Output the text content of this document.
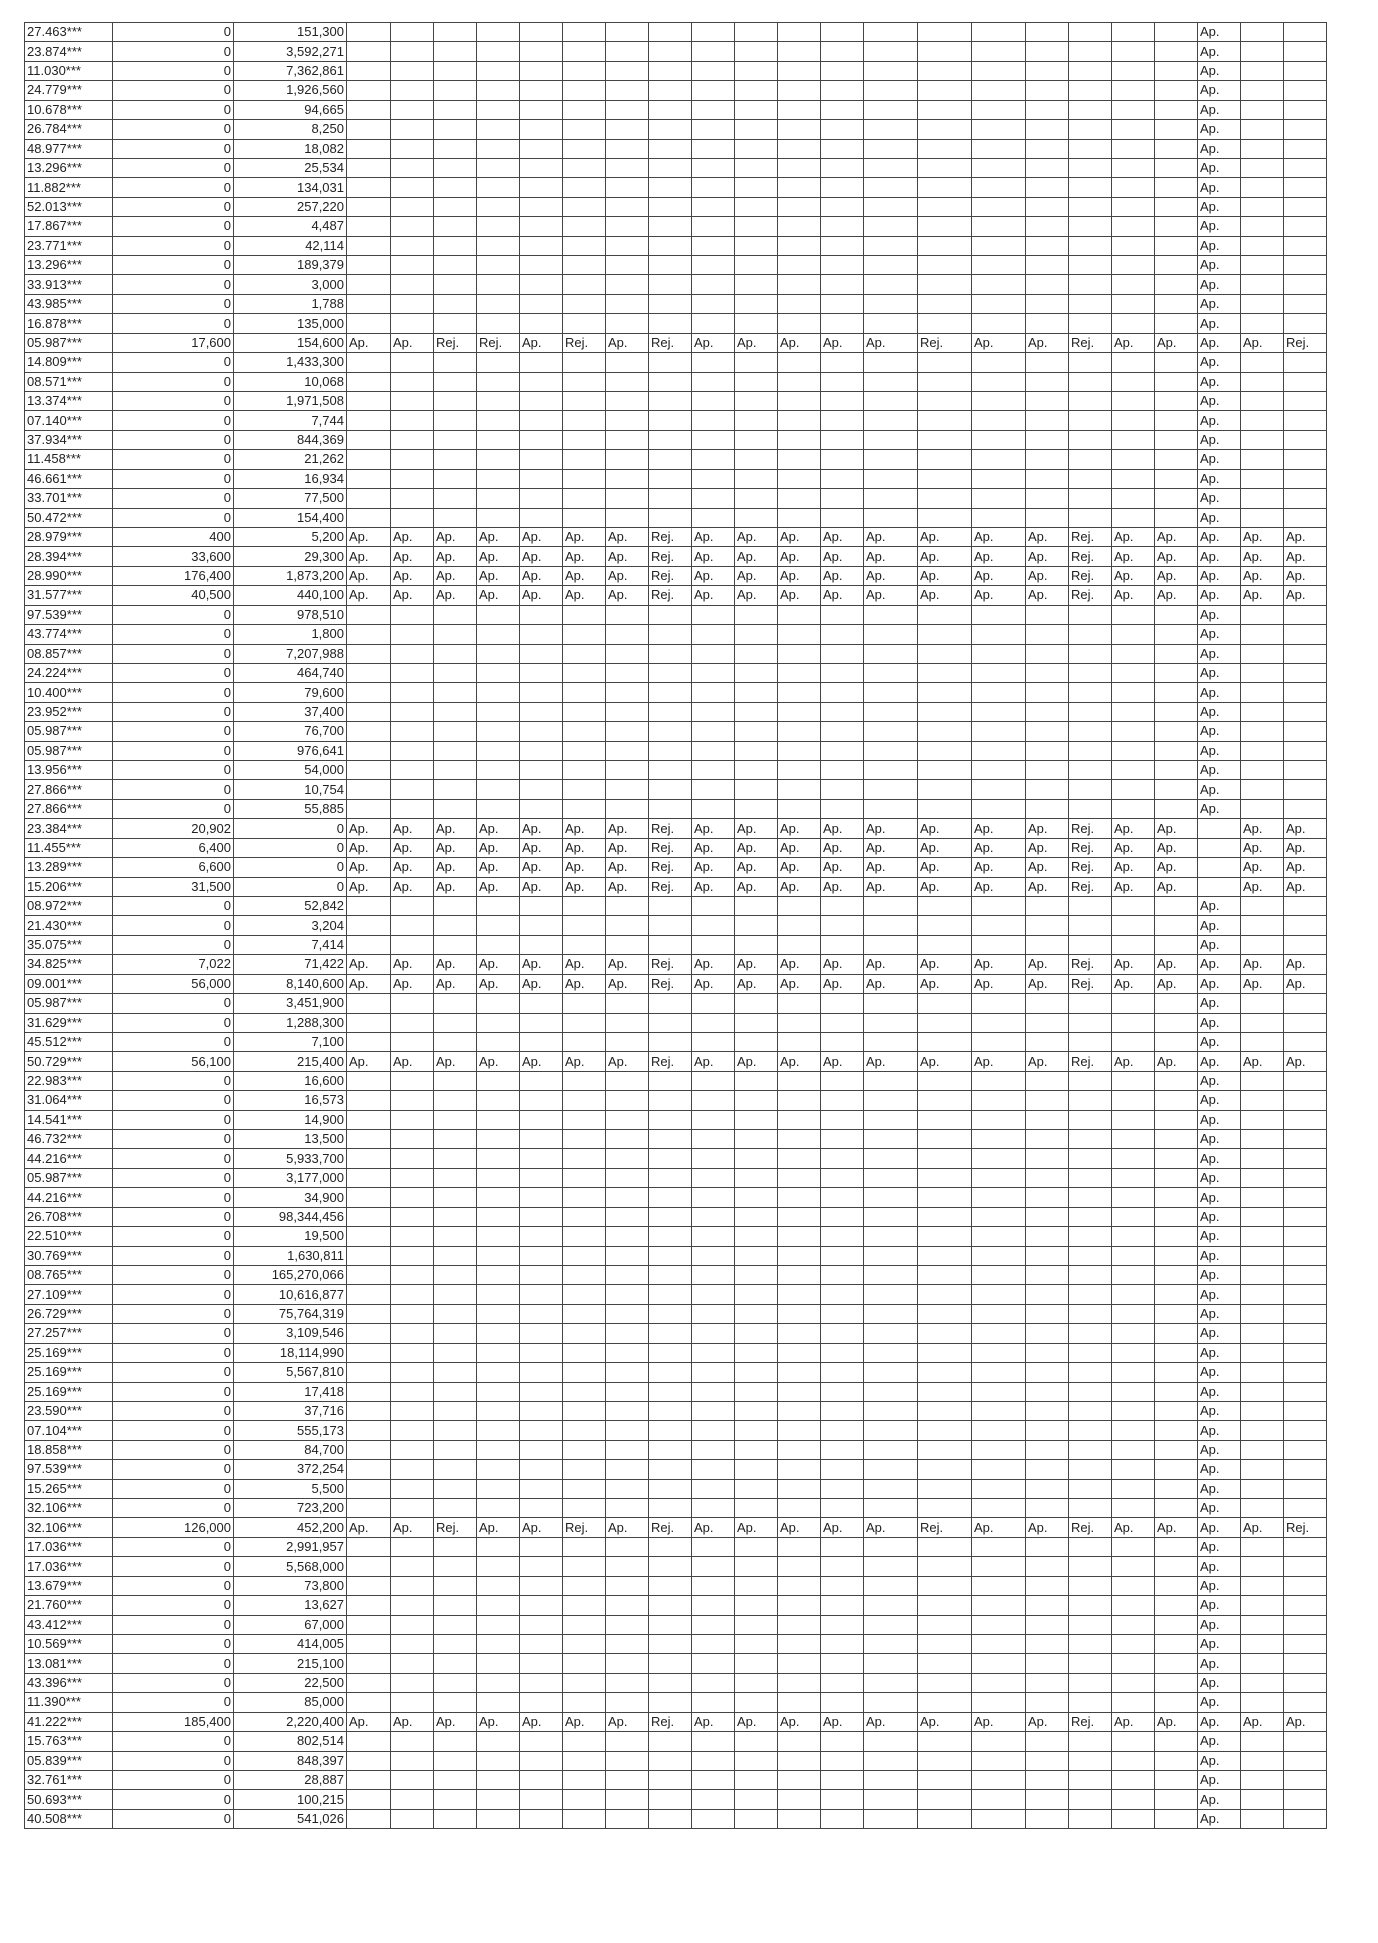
27.463***	0	151,300																				Ap.		
23.874***	0	3,592,271																				Ap.		
11.030***	0	7,362,861																				Ap.		
24.779***	0	1,926,560																				Ap.		
10.678***	0	94,665																				Ap.		
26.784***	0	8,250																				Ap.		
48.977***	0	18,082																				Ap.		
13.296***	0	25,534																				Ap.		
11.882***	0	134,031																				Ap.		
52.013***	0	257,220																				Ap.		
17.867***	0	4,487																				Ap.		
23.771***	0	42,114																				Ap.		
13.296***	0	189,379																				Ap.		
33.913***	0	3,000																				Ap.		
43.985***	0	1,788																				Ap.		
16.878***	0	135,000																				Ap.		
05.987***	17,600	154,600	Ap.	Ap.	Rej.	Rej.	Ap.	Rej.	Ap.	Rej.	Ap.	Ap.	Ap.	Ap.	Ap.	Rej.	Ap.	Ap.	Rej.	Ap.	Ap.	Ap.	Ap.	Rej.
14.809***	0	1,433,300																				Ap.		
08.571***	0	10,068																				Ap.		
13.374***	0	1,971,508																				Ap.		
07.140***	0	7,744																				Ap.		
37.934***	0	844,369																				Ap.		
11.458***	0	21,262																				Ap.		
46.661***	0	16,934																				Ap.		
33.701***	0	77,500																				Ap.		
50.472***	0	154,400																				Ap.		
28.979***	400	5,200	Ap.	Ap.	Ap.	Ap.	Ap.	Ap.	Ap.	Rej.	Ap.	Ap.	Ap.	Ap.	Ap.	Ap.	Ap.	Ap.	Rej.	Ap.	Ap.	Ap.	Ap.	Ap.
28.394***	33,600	29,300	Ap.	Ap.	Ap.	Ap.	Ap.	Ap.	Ap.	Rej.	Ap.	Ap.	Ap.	Ap.	Ap.	Ap.	Ap.	Ap.	Rej.	Ap.	Ap.	Ap.	Ap.	Ap.
28.990***	176,400	1,873,200	Ap.	Ap.	Ap.	Ap.	Ap.	Ap.	Ap.	Rej.	Ap.	Ap.	Ap.	Ap.	Ap.	Ap.	Ap.	Ap.	Rej.	Ap.	Ap.	Ap.	Ap.	Ap.
31.577***	40,500	440,100	Ap.	Ap.	Ap.	Ap.	Ap.	Ap.	Ap.	Rej.	Ap.	Ap.	Ap.	Ap.	Ap.	Ap.	Ap.	Ap.	Rej.	Ap.	Ap.	Ap.	Ap.	Ap.
97.539***	0	978,510																				Ap.		
43.774***	0	1,800																				Ap.		
08.857***	0	7,207,988																				Ap.		
24.224***	0	464,740																				Ap.		
10.400***	0	79,600																				Ap.		
23.952***	0	37,400																				Ap.		
05.987***	0	76,700																				Ap.		
05.987***	0	976,641																				Ap.		
13.956***	0	54,000																				Ap.		
27.866***	0	10,754																				Ap.		
27.866***	0	55,885																				Ap.		
23.384***	20,902	0	Ap.	Ap.	Ap.	Ap.	Ap.	Ap.	Ap.	Rej.	Ap.	Ap.	Ap.	Ap.	Ap.	Ap.	Ap.	Ap.	Rej.	Ap.	Ap.		Ap.	Ap.
11.455***	6,400	0	Ap.	Ap.	Ap.	Ap.	Ap.	Ap.	Ap.	Rej.	Ap.	Ap.	Ap.	Ap.	Ap.	Ap.	Ap.	Ap.	Rej.	Ap.	Ap.		Ap.	Ap.
13.289***	6,600	0	Ap.	Ap.	Ap.	Ap.	Ap.	Ap.	Ap.	Rej.	Ap.	Ap.	Ap.	Ap.	Ap.	Ap.	Ap.	Ap.	Rej.	Ap.	Ap.		Ap.	Ap.
15.206***	31,500	0	Ap.	Ap.	Ap.	Ap.	Ap.	Ap.	Ap.	Rej.	Ap.	Ap.	Ap.	Ap.	Ap.	Ap.	Ap.	Ap.	Rej.	Ap.	Ap.		Ap.	Ap.
08.972***	0	52,842																				Ap.		
21.430***	0	3,204																				Ap.		
35.075***	0	7,414																				Ap.		
34.825***	7,022	71,422	Ap.	Ap.	Ap.	Ap.	Ap.	Ap.	Ap.	Rej.	Ap.	Ap.	Ap.	Ap.	Ap.	Ap.	Ap.	Ap.	Rej.	Ap.	Ap.	Ap.	Ap.	Ap.
09.001***	56,000	8,140,600	Ap.	Ap.	Ap.	Ap.	Ap.	Ap.	Ap.	Rej.	Ap.	Ap.	Ap.	Ap.	Ap.	Ap.	Ap.	Ap.	Rej.	Ap.	Ap.	Ap.	Ap.	Ap.
05.987***	0	3,451,900																				Ap.		
31.629***	0	1,288,300																				Ap.		
45.512***	0	7,100																				Ap.		
50.729***	56,100	215,400	Ap.	Ap.	Ap.	Ap.	Ap.	Ap.	Ap.	Rej.	Ap.	Ap.	Ap.	Ap.	Ap.	Ap.	Ap.	Ap.	Rej.	Ap.	Ap.	Ap.	Ap.	Ap.
22.983***	0	16,600																				Ap.		
31.064***	0	16,573																				Ap.		
14.541***	0	14,900																				Ap.		
46.732***	0	13,500																				Ap.		
44.216***	0	5,933,700																				Ap.		
05.987***	0	3,177,000																				Ap.		
44.216***	0	34,900																				Ap.		
26.708***	0	98,344,456																				Ap.		
22.510***	0	19,500																				Ap.		
30.769***	0	1,630,811																				Ap.		
08.765***	0	165,270,066																				Ap.		
27.109***	0	10,616,877																				Ap.		
26.729***	0	75,764,319																				Ap.		
27.257***	0	3,109,546																				Ap.		
25.169***	0	18,114,990																				Ap.		
25.169***	0	5,567,810																				Ap.		
25.169***	0	17,418																				Ap.		
23.590***	0	37,716																				Ap.		
07.104***	0	555,173																				Ap.		
18.858***	0	84,700																				Ap.		
97.539***	0	372,254																				Ap.		
15.265***	0	5,500																				Ap.		
32.106***	0	723,200																				Ap.		
32.106***	126,000	452,200	Ap.	Ap.	Rej.	Ap.	Ap.	Rej.	Ap.	Rej.	Ap.	Ap.	Ap.	Ap.	Ap.	Rej.	Ap.	Ap.	Rej.	Ap.	Ap.	Ap.	Ap.	Rej.
17.036***	0	2,991,957																				Ap.		
17.036***	0	5,568,000																				Ap.		
13.679***	0	73,800																				Ap.		
21.760***	0	13,627																				Ap.		
43.412***	0	67,000																				Ap.		
10.569***	0	414,005																				Ap.		
13.081***	0	215,100																				Ap.		
43.396***	0	22,500																				Ap.		
11.390***	0	85,000																				Ap.		
41.222***	185,400	2,220,400	Ap.	Ap.	Ap.	Ap.	Ap.	Ap.	Ap.	Rej.	Ap.	Ap.	Ap.	Ap.	Ap.	Ap.	Ap.	Ap.	Rej.	Ap.	Ap.	Ap.	Ap.	Ap.
15.763***	0	802,514																				Ap.		
05.839***	0	848,397																				Ap.		
32.761***	0	28,887																				Ap.		
50.693***	0	100,215																				Ap.		
40.508***	0	541,026																				Ap.		
